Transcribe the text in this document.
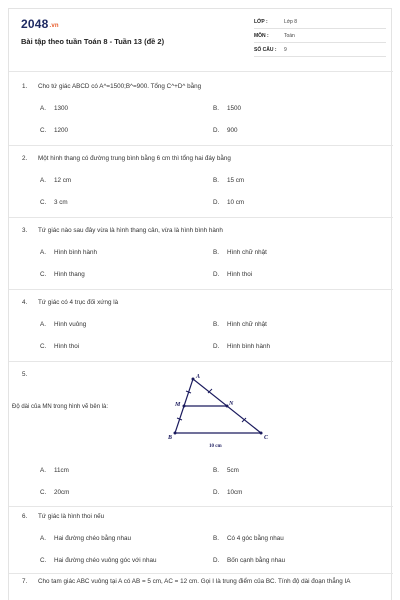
2048.vn
Bài tập theo tuần Toán 8 - Tuần 13 (đề 2)
LỚP :	Lớp 8
MÔN :	Toán
SỐ CÂU : 9
1. Cho tứ giác ABCD có A^=1500;B^=900. Tổng C^+D^ bằng
A. 1300	B. 1500
C. 1200	D. 900
2. Một hình thang có đường trung bình bằng 6 cm thì tổng hai đáy bằng
A. 12 cm	B. 15 cm
C. 3 cm	D. 10 cm
3. Tứ giác nào sau đây vừa là hình thang cân, vừa là hình bình hành
A. Hình bình hành	B. Hình chữ nhật
C. Hình thang	D. Hình thoi
4. Tứ giác có 4 trục đối xứng là
A. Hình vuông	B. Hình chữ nhật
C. Hình thoi	D. Hình bình hành
5.
Độ dài của MN trong hình vẽ bên là:
A
B	C
M	N
10 cm
A. 11cm	B. 5cm
C. 20cm	D. 10cm
6. Tứ giác là hình thoi nếu
A. Hai đường chéo bằng nhau	B. Có 4 góc bằng nhau
C. Hai đường chéo vuông góc với nhau	D. Bốn cạnh bằng nhau
7. Cho tam giác ABC vuông tại A có AB = 5 cm, AC = 12 cm. Gọi I là trung điểm của BC. Tính độ dài đoạn thẳng IA
